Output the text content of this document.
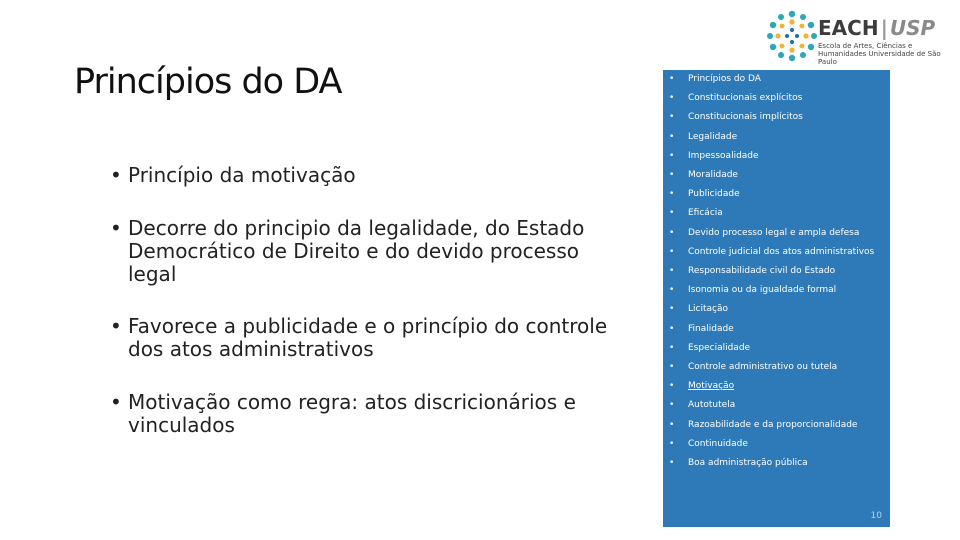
Princípios do DA
• Princípio da motivação
• Decorre do principio da legalidade, do Estado Democrático de Direito e do devido processo legal
• Favorece a publicidade e o princípio do controle dos atos administrativos
• Motivação como regra: atos discricionários e vinculados
EACH | USP
Escola de Artes, Ciências e Humanidades Universidade de São Paulo
• Princípios do DA
• Constitucionais explícitos
• Constitucionais implícitos
• Legalidade
• Impessoalidade
• Moralidade
• Publicidade
• Eficácia
• Devido processo legal e ampla defesa
• Controle judicial dos atos administrativos
• Responsabilidade civil do Estado
• Isonomia ou da igualdade formal
• Licitação
• Finalidade
• Especialidade
• Controle administrativo ou tutela
• Motivação
• Autotutela
• Razoabilidade e da proporcionalidade
• Continuidade
• Boa administração pública
10
